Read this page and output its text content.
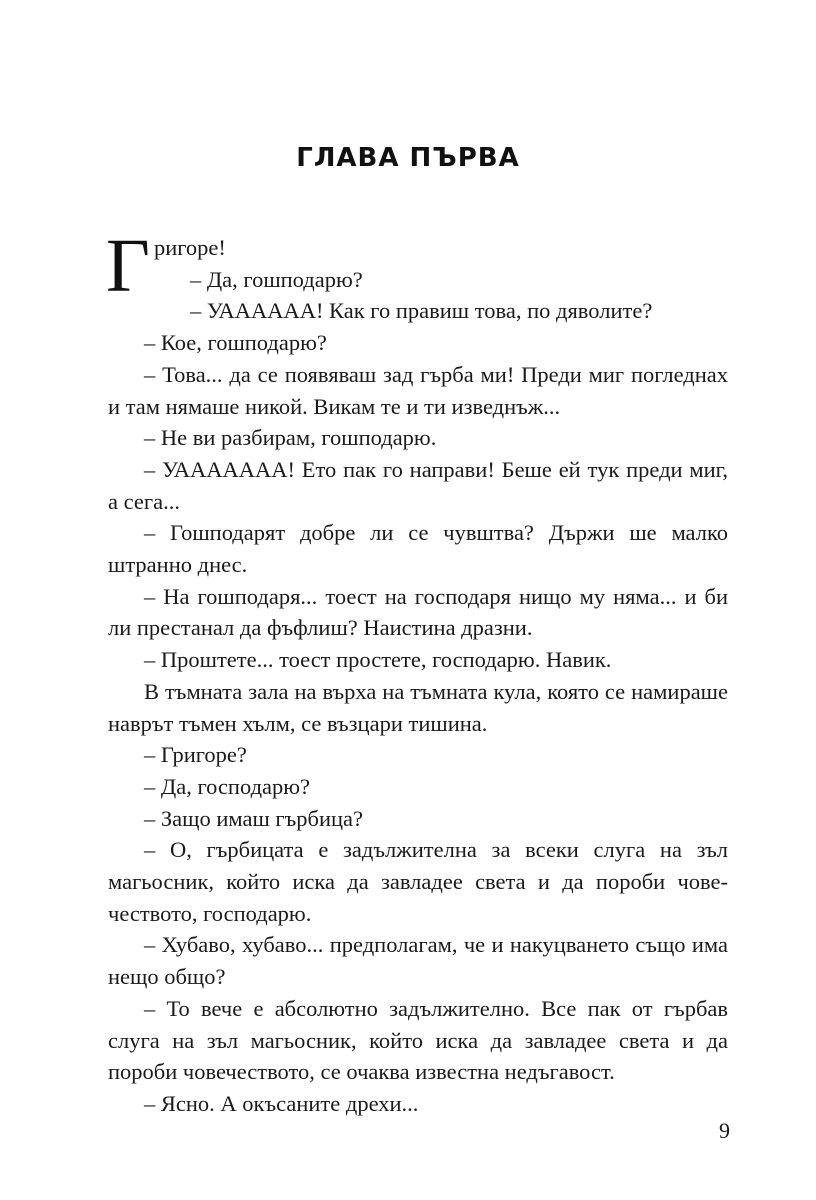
ГЛАВА ПЪРВА

Григоре!

– Да, гошподарю?

– УААААAA! Как го правиш това, по дяволите?

– Кое, гошподарю?

– Това... да се появяваш зад гърба ми! Преди миг погледнах и там нямаше никой. Викам те и ти изведнъж...

– Не ви разбирам, гошподарю.

– УАААААAA! Ето пак го направи! Беше ей тук преди миг, а сега...

– Гошподарят добре ли се чувштва? Държи ше малко штранно днес.

– На гошподаря... тоест на господаря нищо му няма... и би ли престанал да фъфлиш? Наистина дразни.

– Проштете... тоест простете, господарю. Навик.

В тъмната зала на върха на тъмната кула, която се намираше наврът тъмен хълм, се възцари тишина.

– Григоре?

– Да, господарю?

– Защо имаш гърбица?

– О, гърбицата е задължителна за всеки слуга на зъл магьосник, който иска да завладее света и да пороби човечеството, господарю.

– Хубаво, хубаво... предполагам, че и накуцването също има нещо общо?

– То вече е абсолютно задължително. Все пак от гърбав слуга на зъл магьосник, който иска да завладее света и да пороби човечеството, се очаква известна недъгавост.

– Ясно. А окъсаните дрехи...

9
